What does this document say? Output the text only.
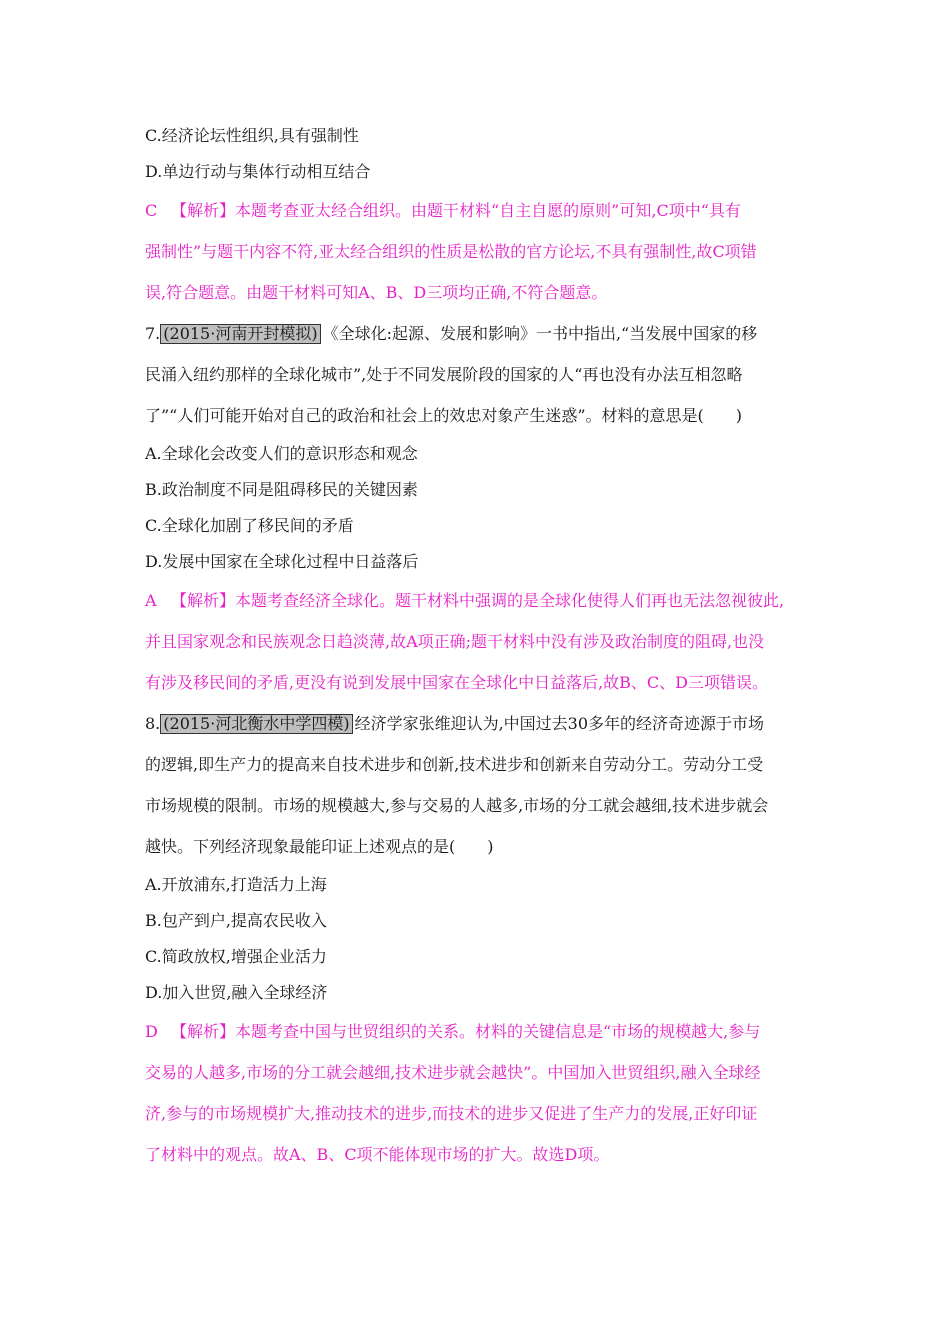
C.经济论坛性组织,具有强制性

D.单边行动与集体行动相互结合

C 【解析】本题考查亚太经合组织。由题干材料“自主自愿的原则”可知,C项中“具有

强制性”与题干内容不符,亚太经合组织的性质是松散的官方论坛,不具有强制性,故C项错

误,符合题意。由题干材料可知A、B、D三项均正确,不符合题意。

7. (2015·河南开封模拟) 《全球化:起源、发展和影响》一书中指出,“当发展中国家的移

民涌入纽约那样的全球化城市”,处于不同发展阶段的国家的人“再也没有办法互相忽略

了”“人们可能开始对自己的政治和社会上的效忠对象产生迷惑”。材料的意思是(　　)

A.全球化会改变人们的意识形态和观念

B.政治制度不同是阻碍移民的关键因素

C.全球化加剧了移民间的矛盾

D.发展中国家在全球化过程中日益落后

A 【解析】本题考查经济全球化。题干材料中强调的是全球化使得人们再也无法忽视彼此,

并且国家观念和民族观念日趋淡薄,故A项正确;题干材料中没有涉及政治制度的阻碍,也没

有涉及移民间的矛盾,更没有说到发展中国家在全球化中日益落后,故B、C、D三项错误。

8. (2015·河北衡水中学四模) 经济学家张维迎认为,中国过去30多年的经济奇迹源于市场

的逻辑,即生产力的提高来自技术进步和创新,技术进步和创新来自劳动分工。劳动分工受

市场规模的限制。市场的规模越大,参与交易的人越多,市场的分工就会越细,技术进步就会

越快。下列经济现象最能印证上述观点的是(　　)

A.开放浦东,打造活力上海

B.包产到户,提高农民收入

C.简政放权,增强企业活力

D.加入世贸,融入全球经济

D 【解析】本题考查中国与世贸组织的关系。材料的关键信息是“市场的规模越大,参与

交易的人越多,市场的分工就会越细,技术进步就会越快”。中国加入世贸组织,融入全球经

济,参与的市场规模扩大,推动技术的进步,而技术的进步又促进了生产力的发展,正好印证

了材料中的观点。故A、B、C项不能体现市场的扩大。故选D项。
